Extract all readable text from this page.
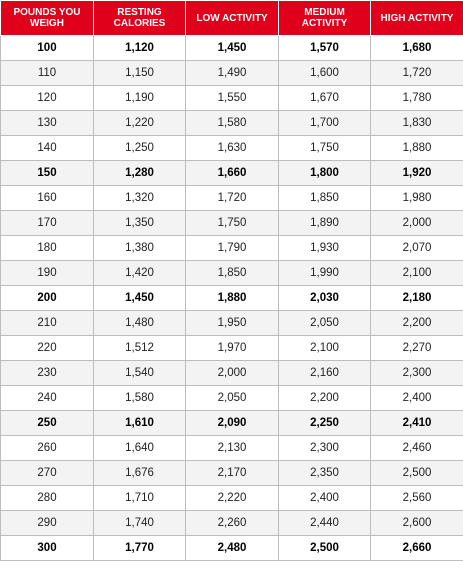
POUNDS YOU WEIGH	RESTING CALORIES	LOW ACTIVITY	MEDIUM ACTIVITY	HIGH ACTIVITY
100	1,120	1,450	1,570	1,680
110	1,150	1,490	1,600	1,720
120	1,190	1,550	1,670	1,780
130	1,220	1,580	1,700	1,830
140	1,250	1,630	1,750	1,880
150	1,280	1,660	1,800	1,920
160	1,320	1,720	1,850	1,980
170	1,350	1,750	1,890	2,000
180	1,380	1,790	1,930	2,070
190	1,420	1,850	1,990	2,100
200	1,450	1,880	2,030	2,180
210	1,480	1,950	2,050	2,200
220	1,512	1,970	2,100	2,270
230	1,540	2,000	2,160	2,300
240	1,580	2,050	2,200	2,400
250	1,610	2,090	2,250	2,410
260	1,640	2,130	2,300	2,460
270	1,676	2,170	2,350	2,500
280	1,710	2,220	2,400	2,560
290	1,740	2,260	2,440	2,600
300	1,770	2,480	2,500	2,660
